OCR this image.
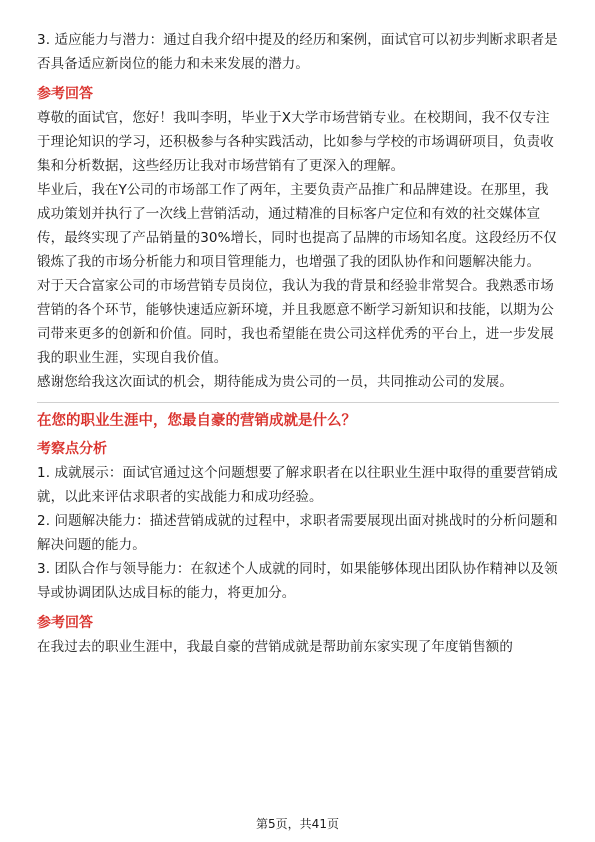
3. 适应能力与潜力：通过自我介绍中提及的经历和案例，面试官可以初步判断求职者是否具备适应新岗位的能力和未来发展的潜力。

参考回答

尊敬的面试官，您好！我叫李明，毕业于X大学市场营销专业。在校期间，我不仅专注于理论知识的学习，还积极参与各种实践活动，比如参与学校的市场调研项目，负责收集和分析数据，这些经历让我对市场营销有了更深入的理解。

毕业后，我在Y公司的市场部工作了两年，主要负责产品推广和品牌建设。在那里，我成功策划并执行了一次线上营销活动，通过精准的目标客户定位和有效的社交媒体宣传，最终实现了产品销量的30%增长，同时也提高了品牌的市场知名度。这段经历不仅锻炼了我的市场分析能力和项目管理能力，也增强了我的团队协作和问题解决能力。

对于天合富家公司的市场营销专员岗位，我认为我的背景和经验非常契合。我熟悉市场营销的各个环节，能够快速适应新环境，并且我愿意不断学习新知识和技能，以期为公司带来更多的创新和价值。同时，我也希望能在贵公司这样优秀的平台上，进一步发展我的职业生涯，实现自我价值。

感谢您给我这次面试的机会，期待能成为贵公司的一员，共同推动公司的发展。

在您的职业生涯中，您最自豪的营销成就是什么？

考察点分析

1. 成就展示：面试官通过这个问题想要了解求职者在以往职业生涯中取得的重要营销成就，以此来评估求职者的实战能力和成功经验。

2. 问题解决能力：描述营销成就的过程中，求职者需要展现出面对挑战时的分析问题和解决问题的能力。

3. 团队合作与领导能力：在叙述个人成就的同时，如果能够体现出团队协作精神以及领导或协调团队达成目标的能力，将更加分。

参考回答

在我过去的职业生涯中，我最自豪的营销成就是帮助前东家实现了年度销售额的

第5页，共41页
